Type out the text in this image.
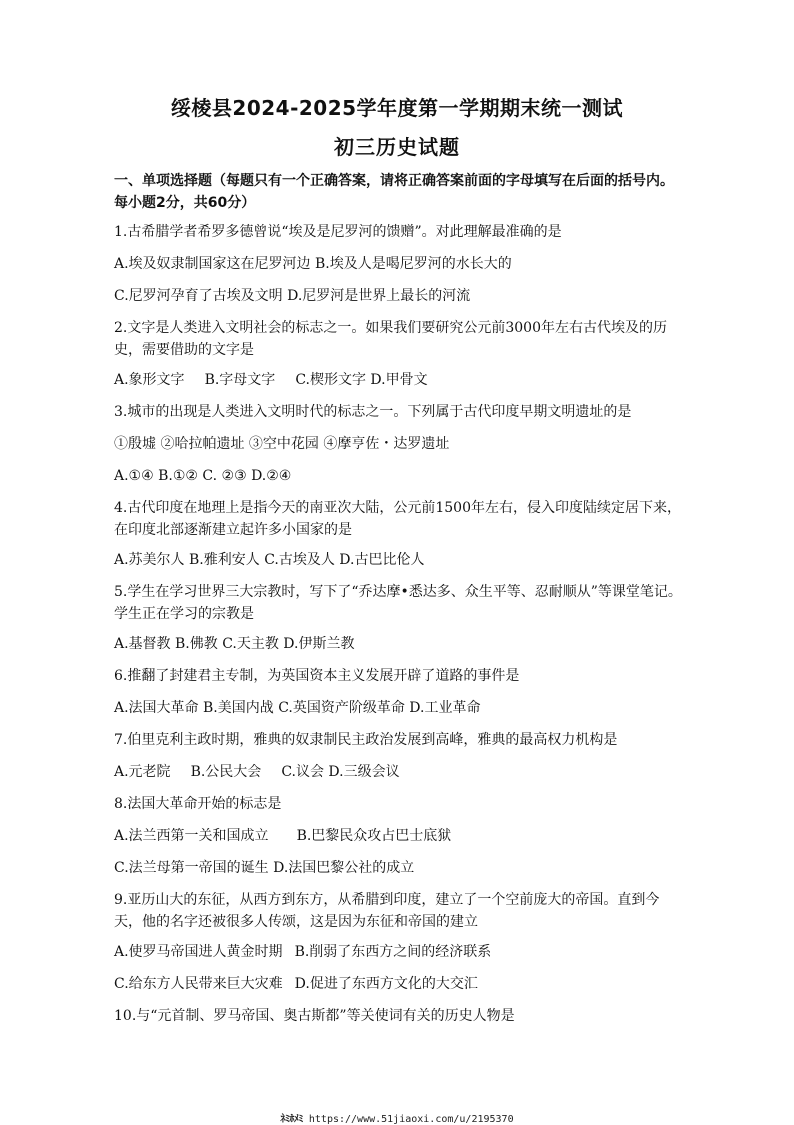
绥棱县2024-2025学年度第一学期期末统一测试
初三历史试题
一、单项选择题（每题只有一个正确答案，请将正确答案前面的字母填写在后面的括号内。每小题2分，共60分）
1.古希腊学者希罗多德曾说“埃及是尼罗河的馈赠”。对此理解最准确的是
A.埃及奴隶制国家这在尼罗河边 B.埃及人是喝尼罗河的水长大的
C.尼罗河孕育了古埃及文明 D.尼罗河是世界上最长的河流
2.文字是人类进入文明社会的标志之一。如果我们要研究公元前3000年左右古代埃及的历史，需要借助的文字是
A.象形文字 B.字母文字 C.楔形文字 D.甲骨文
3.城市的出现是人类进入文明时代的标志之一。下列属于古代印度早期文明遗址的是
①殷墟 ②哈拉帕遗址 ③空中花园 ④摩亨佐・达罗遗址
A.①④ B.①② C. ②③ D.②④
4.古代印度在地理上是指今天的南亚次大陆，公元前1500年左右，侵入印度陆续定居下来，在印度北部逐渐建立起许多小国家的是
A.苏美尔人 B.雅利安人 C.古埃及人 D.古巴比伦人
5.学生在学习世界三大宗教时，写下了“乔达摩•悉达多、众生平等、忍耐顺从”等课堂笔记。学生正在学习的宗教是
A.基督教 B.佛教 C.天主教 D.伊斯兰教
6.推翻了封建君主专制，为英国资本主义发展开辟了道路的事件是
A.法国大革命 B.美国内战 C.英国资产阶级革命 D.工业革命
7.伯里克利主政时期，雅典的奴隶制民主政治发展到高峰，雅典的最高权力机构是
A.元老院 B.公民大会 C.议会 D.三级会议
8.法国大革命开始的标志是
A.法兰西第一关和国成立 B.巴黎民众攻占巴士底狱
C.法兰母第一帝国的诞生 D.法国巴黎公社的成立
9.亚历山大的东征，从西方到东方，从希腊到印度，建立了一个空前庞大的帝国。直到今天，他的名字还被很多人传颂，这是因为东征和帝国的建立
A.使罗马帝国进人黄金时期 B.削弱了东西方之间的经济联系
C.给东方人民带来巨大灾难 D.促进了东西方文化的大交汇
10.与“元首制、罗马帝国、奥古斯都”等关使词有关的历史人物是
ﾈﾐﾎﾒﾐ https://www.51jiaoxi.com/u/2195370
